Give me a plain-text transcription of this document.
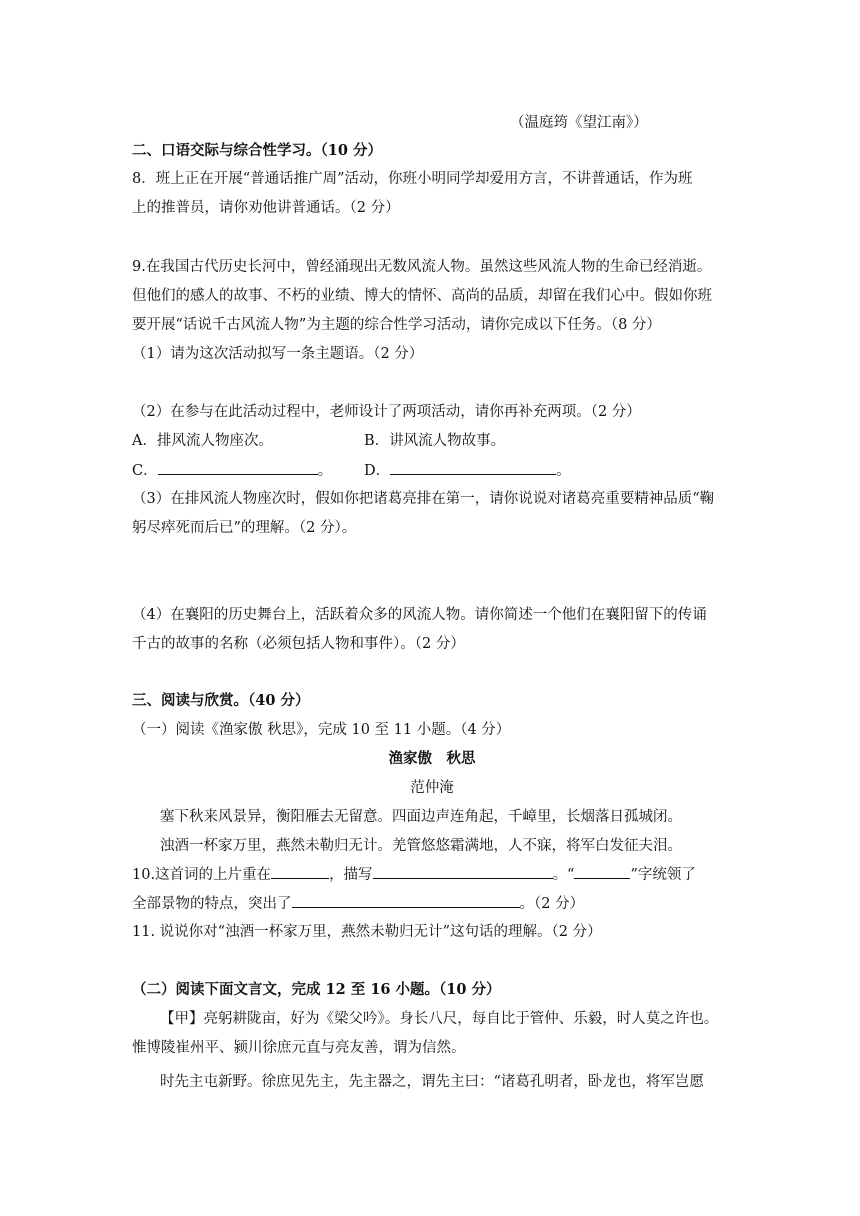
（温庭筠《望江南》）
二、口语交际与综合性学习。（10 分）
8．班上正在开展“普通话推广周”活动，你班小明同学却爱用方言，不讲普通话，作为班
上的推普员，请你劝他讲普通话。（2 分）
9.在我国古代历史长河中，曾经涌现出无数风流人物。虽然这些风流人物的生命已经消逝。
但他们的感人的故事、不朽的业绩、博大的情怀、高尚的品质，却留在我们心中。假如你班
要开展“话说千古风流人物”为主题的综合性学习活动，请你完成以下任务。（8 分）
（1）请为这次活动拟写一条主题语。（2 分）
（2）在参与在此活动过程中，老师设计了两项活动，请你再补充两项。（2 分）
A．排风流人物座次。	B．讲风流人物故事。
C．	。 D．	。
（3）在排风流人物座次时，假如你把诸葛亮排在第一，请你说说对诸葛亮重要精神品质“鞠
躬尽瘁死而后已”的理解。（2 分）。
（4）在襄阳的历史舞台上，活跃着众多的风流人物。请你简述一个他们在襄阳留下的传诵
千古的故事的名称（必须包括人物和事件）。（2 分）
三、阅读与欣赏。（40 分）
（一）阅读《渔家傲 秋思》，完成 10 至 11 小题。（4 分）
渔家傲　秋思
范仲淹
塞下秋来风景异，衡阳雁去无留意。四面边声连角起，千嶂里，长烟落日孤城闭。
浊酒一杯家万里，燕然未勒归无计。羌管悠悠霜满地，人不寐，将军白发征夫泪。
10.这首词的上片重在	，描写	。“	”字统领了
全部景物的特点，突出了	。（2 分）
11. 说说你对“浊酒一杯家万里，燕然未勒归无计”这句话的理解。（2 分）
（二）阅读下面文言文，完成 12 至 16 小题。（10 分）
【甲】亮躬耕陇亩，好为《梁父吟》。身长八尺，每自比于管仲、乐毅，时人莫之许也。
惟博陵崔州平、颍川徐庶元直与亮友善，谓为信然。
时先主屯新野。徐庶见先主，先主器之，谓先主曰：“诸葛孔明者，卧龙也，将军岂愿
